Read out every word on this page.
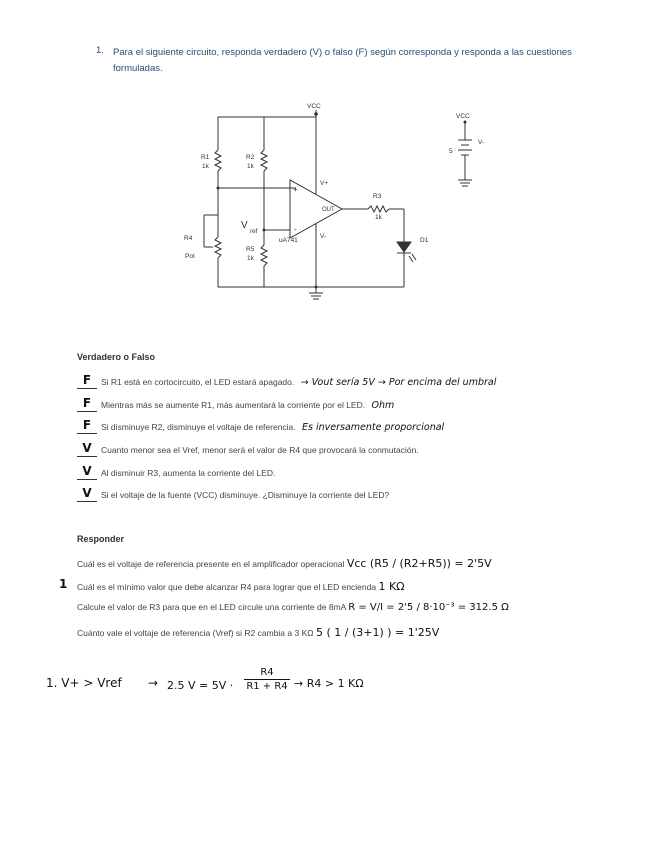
1. Para el siguiente circuito, responda verdadero (V) o falso (F) según corresponda y responda a las cuestiones formuladas.
VCC
VCC
5
V-
R1
1k
R2
1k
R3
1k
R4
Pot
R5
1k
V
ref
uA741
OUT
V+
V-
+
-
D1
Verdadero o Falso
F Si R1 está en cortocircuito, el LED estará apagado. → Vout sería 5V → Por encima del umbral
F Mientras más se aumente R1, más aumentará la corriente por el LED. Ohm
F Si disminuye R2, disminuye el voltaje de referencia. Es inversamente proporcional
V Cuanto menor sea el Vref, menor será el valor de R4 que provocará la conmutación.
V Al disminuir R3, aumenta la corriente del LED.
V Si el voltaje de la fuente (VCC) disminuye. ¿Disminuye la corriente del LED?
Responder
Cuál es el voltaje de referencia presente en el amplificador operacional Vcc (R5 / (R2+R5)) = 2'5V
1 Cuál es el mínimo valor que debe alcanzar R4 para lograr que el LED encienda 1 KΩ
Calcule el valor de R3 para que en el LED circule una corriente de 8mA R = V/I = 2'5 / 8·10⁻³ = 312.5 Ω
Cuánto vale el voltaje de referencia (Vref) si R2 cambia a 3 KΩ 5 ( 1 / (3+1) ) = 1'25V
1. V+ > Vref → 2.5 $V = 5V \cdot \frac{R4}{R1 + R4} \to R4 > 1$ KΩ
